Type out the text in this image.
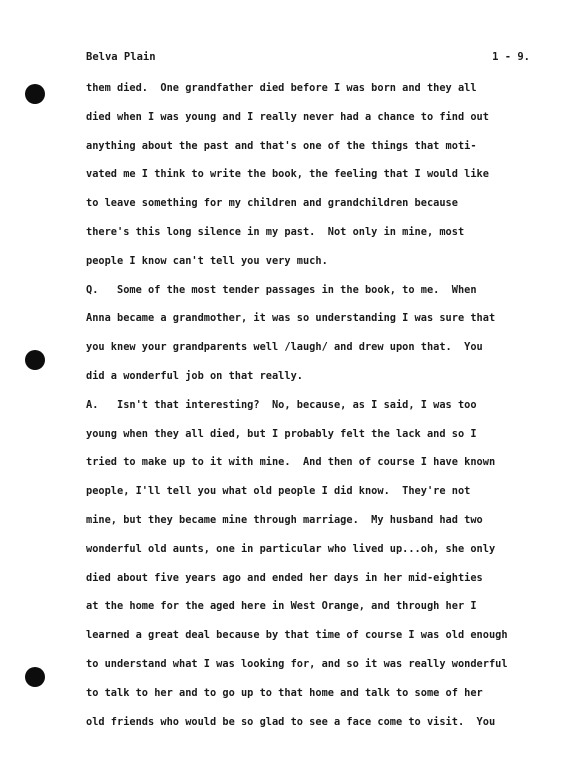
Belva Plain	1 - 9.
them died.  One grandfather died before I was born and they all
died when I was young and I really never had a chance to find out
anything about the past and that's one of the things that moti-
vated me I think to write the book, the feeling that I would like
to leave something for my children and grandchildren because
there's this long silence in my past.  Not only in mine, most
people I know can't tell you very much.
Q.   Some of the most tender passages in the book, to me.  When
Anna became a grandmother, it was so understanding I was sure that
you knew your grandparents well /laugh/ and drew upon that.  You
did a wonderful job on that really.
A.   Isn't that interesting?  No, because, as I said, I was too
young when they all died, but I probably felt the lack and so I
tried to make up to it with mine.  And then of course I have known
people, I'll tell you what old people I did know.  They're not
mine, but they became mine through marriage.  My husband had two
wonderful old aunts, one in particular who lived up...oh, she only
died about five years ago and ended her days in her mid-eighties
at the home for the aged here in West Orange, and through her I
learned a great deal because by that time of course I was old enough
to understand what I was looking for, and so it was really wonderful
to talk to her and to go up to that home and talk to some of her
old friends who would be so glad to see a face come to visit.  You
